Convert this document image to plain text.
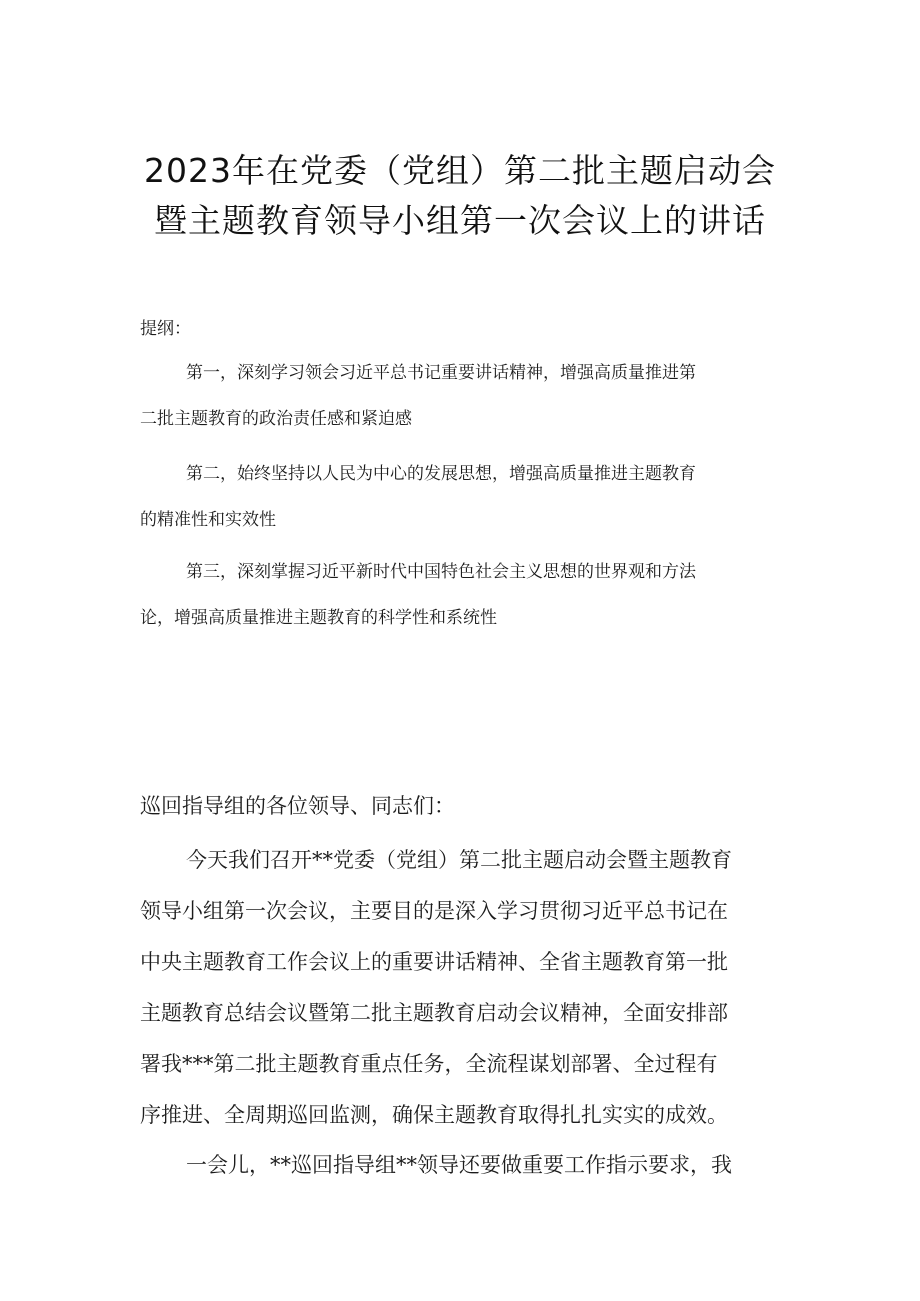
2023年在党委（党组）第二批主题启动会
暨主题教育领导小组第一次会议上的讲话

提纲：

第一，深刻学习领会习近平总书记重要讲话精神，增强高质量推进第
二批主题教育的政治责任感和紧迫感

第二，始终坚持以人民为中心的发展思想，增强高质量推进主题教育
的精准性和实效性

第三，深刻掌握习近平新时代中国特色社会主义思想的世界观和方法
论，增强高质量推进主题教育的科学性和系统性

巡回指导组的各位领导、同志们：

今天我们召开**党委（党组）第二批主题启动会暨主题教育
领导小组第一次会议，主要目的是深入学习贯彻习近平总书记在
中央主题教育工作会议上的重要讲话精神、全省主题教育第一批
主题教育总结会议暨第二批主题教育启动会议精神，全面安排部
署我***第二批主题教育重点任务，全流程谋划部署、全过程有
序推进、全周期巡回监测，确保主题教育取得扎扎实实的成效。

一会儿，**巡回指导组**领导还要做重要工作指示要求，我
